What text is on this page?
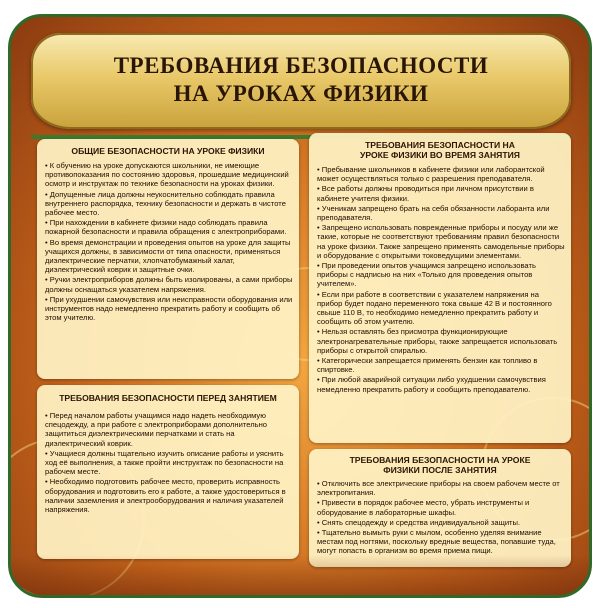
ТРЕБОВАНИЯ БЕЗОПАСНОСТИ
НА УРОКАХ ФИЗИКИ
ОБЩИЕ БЕЗОПАСНОСТИ НА УРОКЕ ФИЗИКИ
• К обучению на уроке допускаются школьники, не имеющие противопоказания по состоянию здоровья, прошедшие медицинский осмотр и инструктаж по технике безопасности на уроках физики.
• Допущенные лица должны неукоснительно соблюдать правила внутреннего распорядка, технику безопасности и держать в чистоте рабочее место.
• При нахождении в кабинете физики надо соблюдать правила пожарной безопасности и правила обращения с электроприборами.
• Во время демонстрации и проведения опытов на уроке для защиты учащихся должны, в зависимости от типа опасности, применяться диэлектрические перчатки, хлопчатобумажный халат, диэлектрический коврик и защитные очки.
• Ручки электроприборов должны быть изолированы, а сами приборы должны оснащаться указателем напряжения.
• При ухудшении самочувствия или неисправности оборудования или инструментов надо немедленно прекратить работу и сообщить об этом учителю.
ТРЕБОВАНИЯ БЕЗОПАСНОСТИ ПЕРЕД ЗАНЯТИЕМ
• Перед началом работы учащимся надо надеть необходимую спецодежду, а при работе с электроприборами дополнительно защититься диэлектрическими перчатками и стать на диэлектрический коврик.
• Учащиеся должны тщательно изучить описание работы и уяснить ход её выполнения, а также пройти инструктаж по безопасности на рабочем месте.
• Необходимо подготовить рабочее место, проверить исправность оборудования и подготовить его к работе, а также удостовериться в наличии заземления и электрооборудования и наличия указателей напряжения.
ТРЕБОВАНИЯ БЕЗОПАСНОСТИ НА
УРОКЕ ФИЗИКИ ВО ВРЕМЯ ЗАНЯТИЯ
• Пребывание школьников в кабинете физики или лаборантской может осуществляться только с разрешения преподавателя.
• Все работы должны проводиться при личном присутствии в кабинете учителя физики.
• Ученикам запрещено брать на себя обязанности лаборанта или преподавателя.
• Запрещено использовать поврежденные приборы и посуду или же такие, которые не соответствуют требованиям правил безопасности на уроке физики. Также запрещено применять самодельные приборы и оборудование с открытыми токоведущими элементами.
• При проведении опытов учащимся запрещено использовать приборы с надписью на них «Только для проведения опытов учителем».
• Если при работе в соответствии с указателем напряжения на прибор будет подано переменного тока свыше 42 В и постоянного свыше 110 В, то необходимо немедленно прекратить работу и сообщить об этом учителю.
• Нельзя оставлять без присмотра функционирующие электронагревательные приборы, также запрещается использовать приборы с открытой спиралью.
• Категорически запрещается применять бензин как топливо в спиртовке.
• При любой аварийной ситуации либо ухудшении самочувствия немедленно прекратить работу и сообщить преподавателю.
ТРЕБОВАНИЯ БЕЗОПАСНОСТИ НА УРОКЕ
ФИЗИКИ ПОСЛЕ ЗАНЯТИЯ
• Отключить все электрические приборы на своем рабочем месте от электропитания.
• Привести в порядок рабочее место, убрать инструменты и оборудование в лабораторные шкафы.
• Снять спецодежду и средства индивидуальной защиты.
• Тщательно вымыть руки с мылом, особенно уделяя внимание местам под ногтями, поскольку вредные вещества, попавшие туда, могут попасть в организм во время приема пищи.
